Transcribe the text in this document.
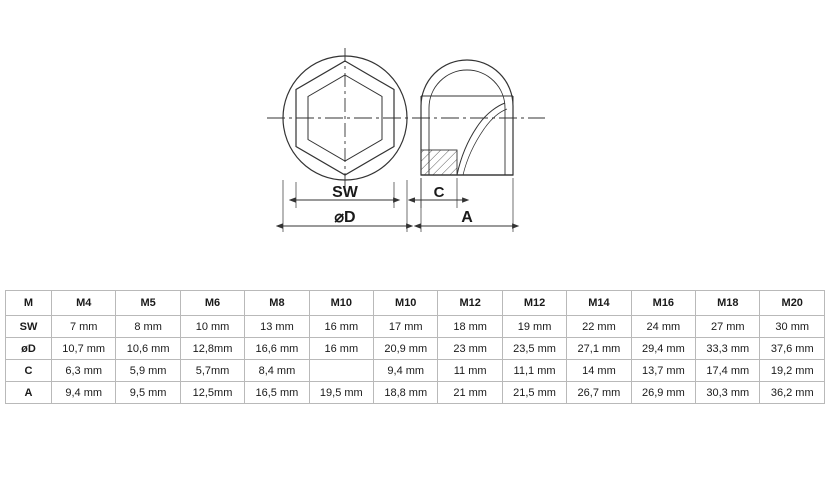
SW
⌀D
C
A
M	M4	M5	M6	M8	M10	M10	M12	M12	M14	M16	M18	M20
SW	7 mm	8 mm	10 mm	13 mm	16 mm	17 mm	18 mm	19 mm	22 mm	24 mm	27 mm	30 mm
øD	10,7 mm	10,6 mm	12,8mm	16,6 mm	16 mm	20,9 mm	23 mm	23,5 mm	27,1 mm	29,4 mm	33,3 mm	37,6 mm
C	6,3 mm	5,9 mm	5,7mm	8,4 mm		9,4 mm	11 mm	11,1 mm	14 mm	13,7 mm	17,4 mm	19,2 mm
A	9,4 mm	9,5 mm	12,5mm	16,5 mm	19,5 mm	18,8 mm	21 mm	21,5 mm	26,7 mm	26,9 mm	30,3 mm	36,2 mm
